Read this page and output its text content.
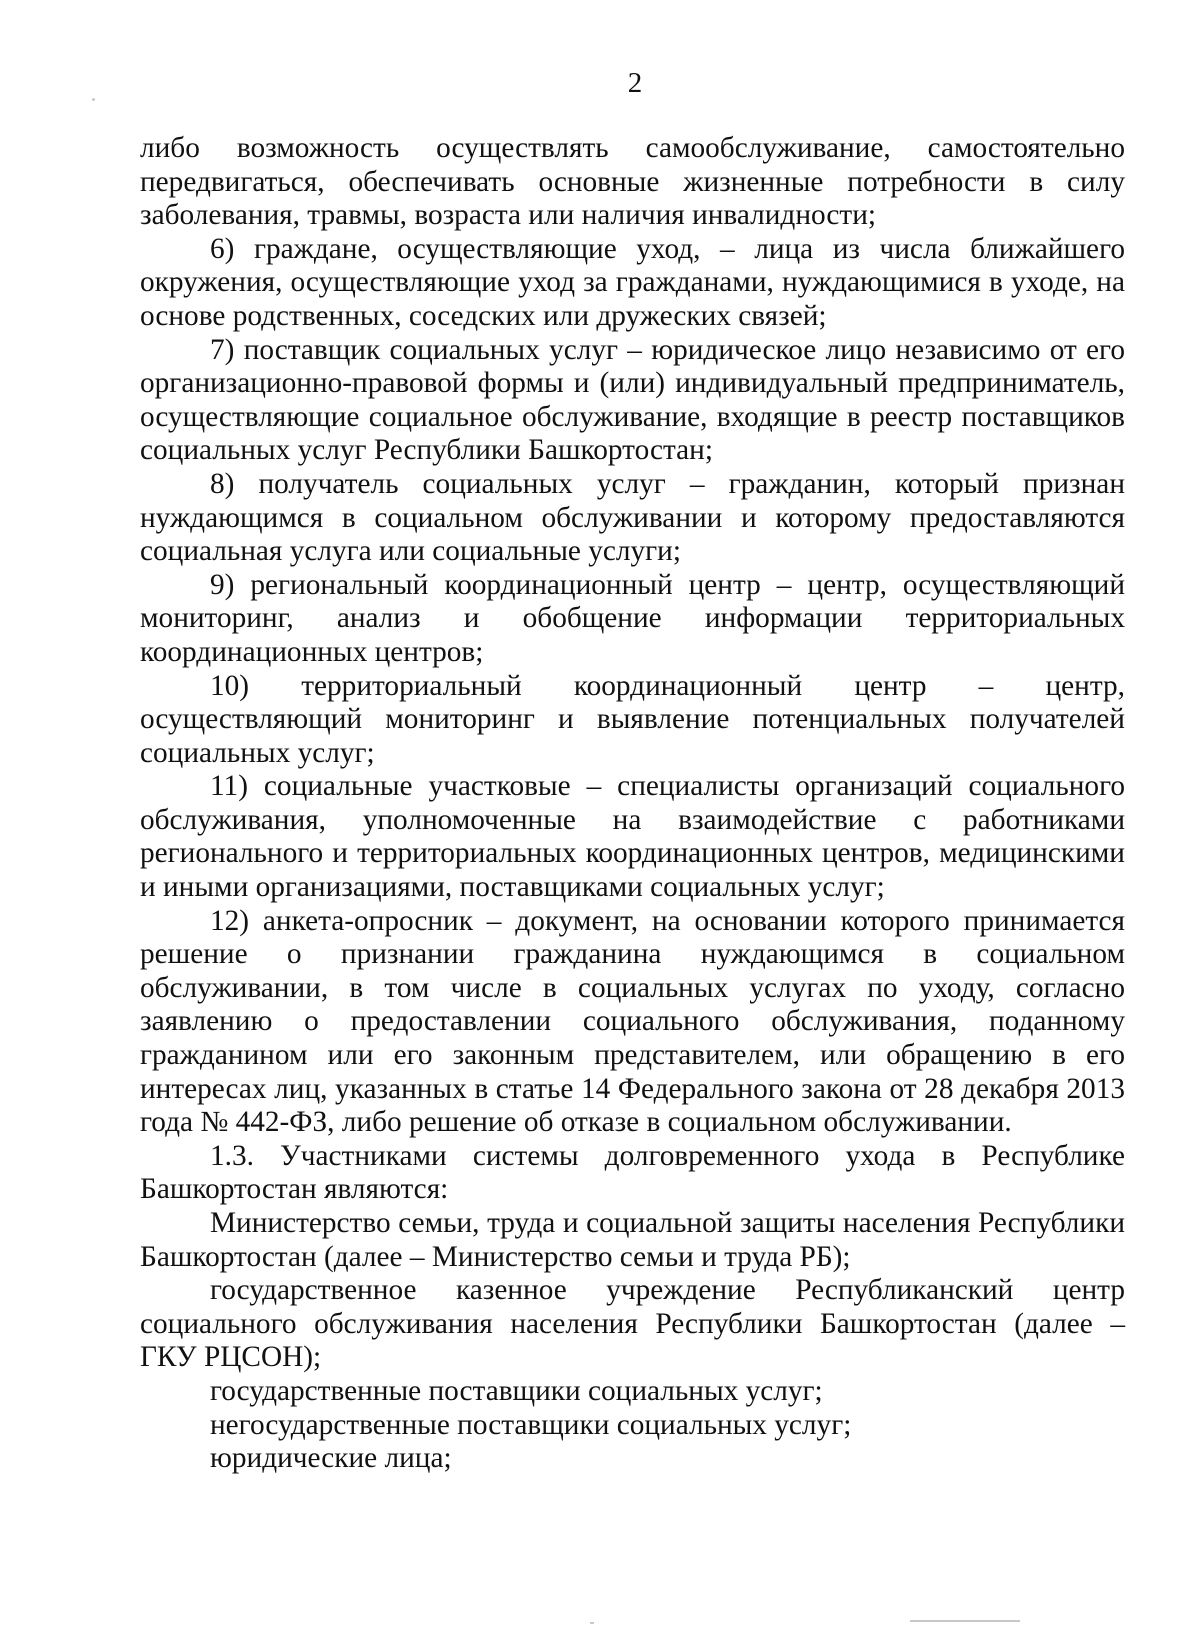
2

либо возможность осуществлять самообслуживание, самостоятельно передвигаться, обеспечивать основные жизненные потребности в силу заболевания, травмы, возраста или наличия инвалидности;

6) граждане, осуществляющие уход, – лица из числа ближайшего окружения, осуществляющие уход за гражданами, нуждающимися в уходе, на основе родственных, соседских или дружеских связей;

7) поставщик социальных услуг – юридическое лицо независимо от его организационно-правовой формы и (или) индивидуальный предприниматель, осуществляющие социальное обслуживание, входящие в реестр поставщиков социальных услуг Республики Башкортостан;

8) получатель социальных услуг – гражданин, который признан нуждающимся в социальном обслуживании и которому предоставляются социальная услуга или социальные услуги;

9) региональный координационный центр – центр, осуществляющий мониторинг, анализ и обобщение информации территориальных координационных центров;

10) территориальный координационный центр – центр, осуществляющий мониторинг и выявление потенциальных получателей социальных услуг;

11) социальные участковые – специалисты организаций социального обслуживания, уполномоченные на взаимодействие с работниками регионального и территориальных координационных центров, медицинскими и иными организациями, поставщиками социальных услуг;

12) анкета-опросник – документ, на основании которого принимается решение о признании гражданина нуждающимся в социальном обслуживании, в том числе в социальных услугах по уходу, согласно заявлению о предоставлении социального обслуживания, поданному гражданином или его законным представителем, или обращению в его интересах лиц, указанных в статье 14 Федерального закона от 28 декабря 2013 года № 442-ФЗ, либо решение об отказе в социальном обслуживании.

1.3. Участниками системы долговременного ухода в Республике Башкортостан являются:

Министерство семьи, труда и социальной защиты населения Республики Башкортостан (далее – Министерство семьи и труда РБ);

государственное казенное учреждение Республиканский центр социального обслуживания населения Республики Башкортостан (далее – ГКУ РЦСОН);

государственные поставщики социальных услуг;

негосударственные поставщики социальных услуг;

юридические лица;
